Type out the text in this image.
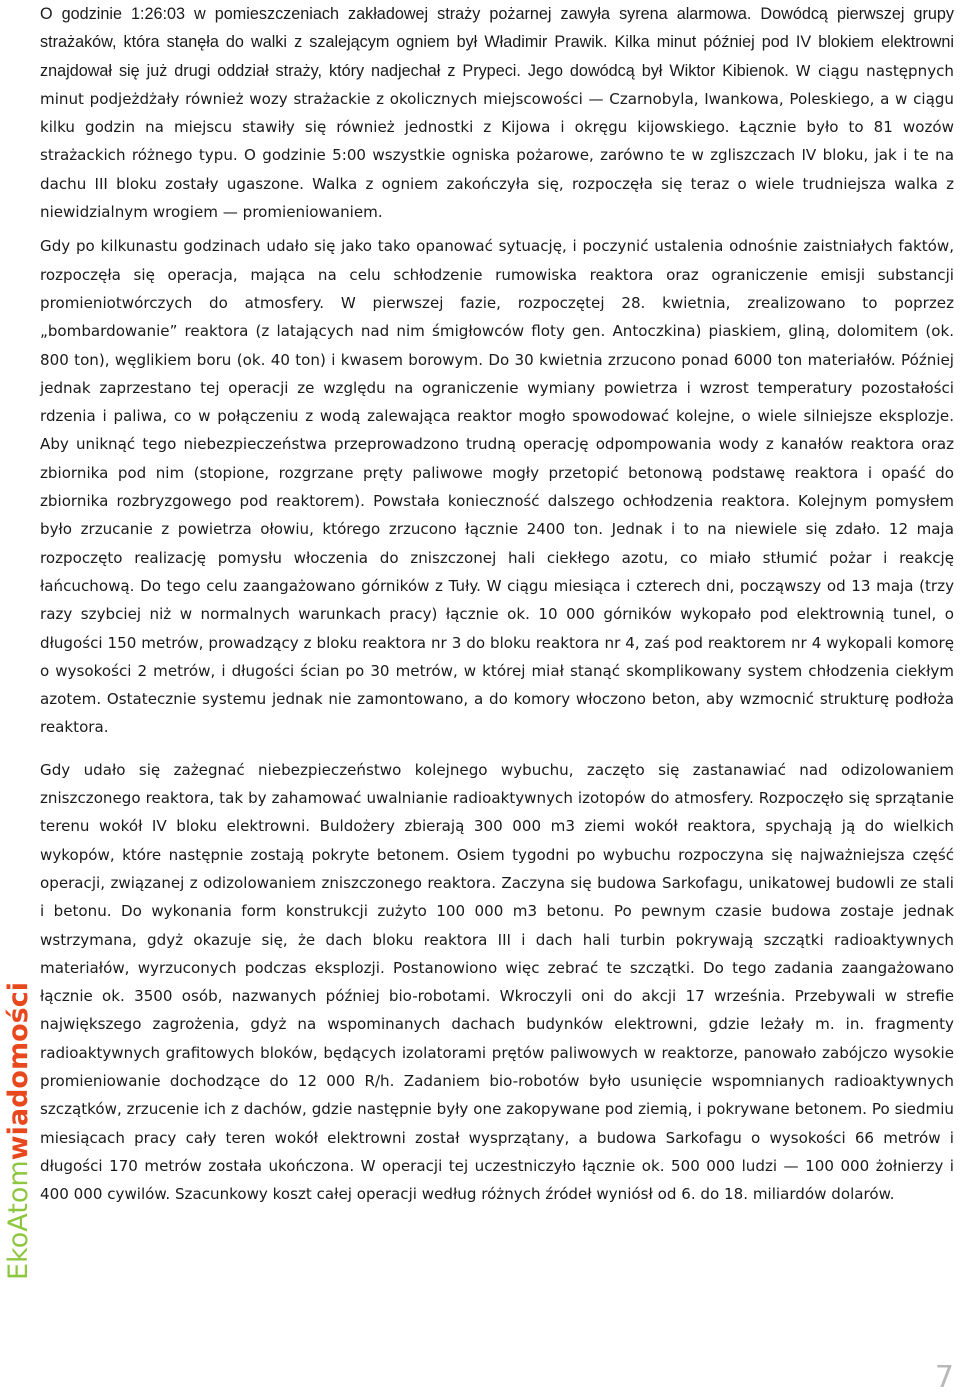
O godzinie 1:26:03 w pomieszczeniach zakładowej straży pożarnej zawyła syrena alarmowa. Dowódcą pierwszej grupy strażaków, która stanęła do walki z szalejącym ogniem był Władimir Prawik. Kilka minut później pod IV blokiem elektrowni znajdował się już drugi oddział straży, który nadjechał z Prypeci. Jego dowódcą był Wiktor Kibienok. W ciągu następnych minut podjeżdżały również wozy strażackie z okolicznych miejscowości — Czarnobyla, Iwankowa, Poleskiego, a w ciągu kilku godzin na miejscu stawiły się również jednostki z Kijowa i okręgu kijowskiego. Łącznie było to 81 wozów strażackich różnego typu. O godzinie 5:00 wszystkie ogniska pożarowe, zarówno te w zgliszczach IV bloku, jak i te na dachu III bloku zostały ugaszone. Walka z ogniem zakończyła się, rozpoczęła się teraz o wiele trudniejsza walka z niewidzialnym wrogiem — promieniowaniem.

Gdy po kilkunastu godzinach udało się jako tako opanować sytuację, i poczynić ustalenia odnośnie zaistniałych faktów, rozpoczęła się operacja, mająca na celu schłodzenie rumowiska reaktora oraz ograniczenie emisji substancji promieniotwórczych do atmosfery. W pierwszej fazie, rozpoczętej 28. kwietnia, zrealizowano to poprzez „bombardowanie” reaktora (z latających nad nim śmigłowców floty gen. Antoczkina) piaskiem, gliną, dolomitem (ok. 800 ton), węglikiem boru (ok. 40 ton) i kwasem borowym. Do 30 kwietnia zrzucono ponad 6000 ton materiałów. Później jednak zaprzestano tej operacji ze względu na ograniczenie wymiany powietrza i wzrost temperatury pozostałości rdzenia i paliwa, co w połączeniu z wodą zalewająca reaktor mogło spowodować kolejne, o wiele silniejsze eksplozje. Aby uniknąć tego niebezpieczeństwa przeprowadzono trudną operację odpompowania wody z kanałów reaktora oraz zbiornika pod nim (stopione, rozgrzane pręty paliwowe mogły przetopić betonową podstawę reaktora i opaść do zbiornika rozbryzgowego pod reaktorem). Powstała konieczność dalszego ochłodzenia reaktora. Kolejnym pomysłem było zrzucanie z powietrza ołowiu, którego zrzucono łącznie 2400 ton. Jednak i to na niewiele się zdało. 12 maja rozpoczęto realizację pomysłu włoczenia do zniszczonej hali ciekłego azotu, co miało stłumić pożar i reakcję łańcuchową. Do tego celu zaangażowano górników z Tuły. W ciągu miesiąca i czterech dni, począwszy od 13 maja (trzy razy szybciej niż w normalnych warunkach pracy) łącznie ok. 10 000 górników wykopało pod elektrownią tunel, o długości 150 metrów, prowadzący z bloku reaktora nr 3 do bloku reaktora nr 4, zaś pod reaktorem nr 4 wykopali komorę o wysokości 2 metrów, i długości ścian po 30 metrów, w której miał stanąć skomplikowany system chłodzenia ciekłym azotem. Ostatecznie systemu jednak nie zamontowano, a do komory włoczono beton, aby wzmocnić strukturę podłoża reaktora.

Gdy udało się zażegnać niebezpieczeństwo kolejnego wybuchu, zaczęto się zastanawiać nad odizolowaniem zniszczonego reaktora, tak by zahamować uwalnianie radioaktywnych izotopów do atmosfery. Rozpoczęło się sprzątanie terenu wokół IV bloku elektrowni. Buldożery zbierają 300 000 m3 ziemi wokół reaktora, spychają ją do wielkich wykopów, które następnie zostają pokryte betonem. Osiem tygodni po wybuchu rozpoczyna się najważniejsza część operacji, związanej z odizolowaniem zniszczonego reaktora. Zaczyna się budowa Sarkofagu, unikatowej budowli ze stali i betonu. Do wykonania form konstrukcji zużyto 100 000 m3 betonu. Po pewnym czasie budowa zostaje jednak wstrzymana, gdyż okazuje się, że dach bloku reaktora III i dach hali turbin pokrywają szczątki radioaktywnych materiałów, wyrzuconych podczas eksplozji. Postanowiono więc zebrać te szczątki. Do tego zadania zaangażowano łącznie ok. 3500 osób, nazwanych później bio-robotami. Wkroczyli oni do akcji 17 września. Przebywali w strefie największego zagrożenia, gdyż na wspominanych dachach budynków elektrowni, gdzie leżały m. in. fragmenty radioaktywnych grafitowych bloków, będących izolatorami prętów paliwowych w reaktorze, panowało zabójczo wysokie promieniowanie dochodzące do 12 000 R/h. Zadaniem bio-robotów było usunięcie wspomnianych radioaktywnych szczątków, zrzucenie ich z dachów, gdzie następnie były one zakopywane pod ziemią, i pokrywane betonem. Po siedmiu miesiącach pracy cały teren wokół elektrowni został wysprzątany, a budowa Sarkofagu o wysokości 66 metrów i długości 170 metrów została ukończona. W operacji tej uczestniczyło łącznie ok. 500 000 ludzi — 100 000 żołnierzy i 400 000 cywilów. Szacunkowy koszt całej operacji według różnych źródeł wyniósł od 6. do 18. miliardów dolarów.

EkoAtomwiadomości
7
